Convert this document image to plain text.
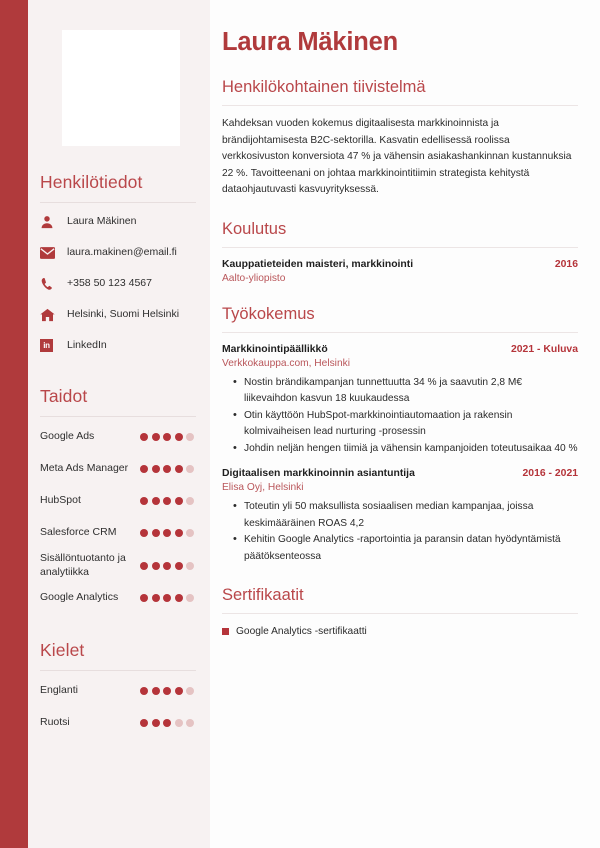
Henkilötiedot
Laura Mäkinen
laura.makinen@email.fi
+358 50 123 4567
Helsinki, Suomi Helsinki
in	LinkedIn
Taidot
Google Ads
Meta Ads Manager
HubSpot
Salesforce CRM
Sisällöntuotanto ja analytiikka
Google Analytics
Kielet
Englanti
Ruotsi
Laura Mäkinen
Henkilökohtainen tiivistelmä

Kahdeksan vuoden kokemus digitaalisesta markkinoinnista ja brändijohtamisesta B2C-sektorilla. Kasvatin edellisessä roolissa verkkosivuston konversiota 47 % ja vähensin asiakashankinnan kustannuksia 22 %. Tavoitteenani on johtaa markkinointitiimin strategista kehitystä dataohjautuvasti kasvuyrityksessä.

Koulutus
Kauppatieteiden maisteri, markkinointi	2016
Aalto-yliopisto
Työkokemus
Markkinointipäällikkö	2021 - Kuluva
Verkkokauppa.com, Helsinki
• Nostin brändikampanjan tunnettuutta 34 % ja saavutin 2,8 M€ liikevaihdon kasvun 18 kuukaudessa
• Otin käyttöön HubSpot-markkinointiautomaation ja rakensin kolmivaiheisen lead nurturing -prosessin
• Johdin neljän hengen tiimiä ja vähensin kampanjoiden toteutusaikaa 40 %
Digitaalisen markkinoinnin asiantuntija	2016 - 2021
Elisa Oyj, Helsinki
• Toteutin yli 50 maksullista sosiaalisen median kampanjaa, joissa keskimääräinen ROAS 4,2
• Kehitin Google Analytics -raportointia ja paransin datan hyödyntämistä päätöksenteossa
Sertifikaatit
Google Analytics -sertifikaatti
